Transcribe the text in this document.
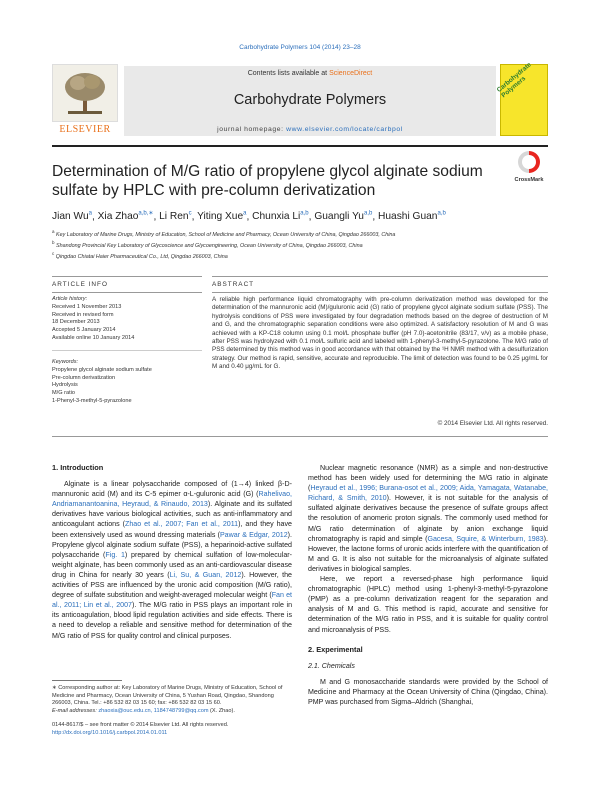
Carbohydrate Polymers 104 (2014) 23–28
ELSEVIER
Contents lists available at ScienceDirect
Carbohydrate Polymers
journal homepage: www.elsevier.com/locate/carbpol
Carbohydrate Polymers
Determination of M/G ratio of propylene glycol alginate sodium sulfate by HPLC with pre-column derivatization
CrossMark
Jian Wu$^a$, Xia Zhao$^{a,b,∗}$, Li Ren$^c$, Yiting Xue$^a$, Chunxia Li$^{a,b}$, Guangli Yu$^{a,b}$, Huashi Guan$^{a,b}$
$^a$ Key Laboratory of Marine Drugs, Ministry of Education, School of Medicine and Pharmacy, Ocean University of China, Qingdao 266003, China
$^b$ Shandong Provincial Key Laboratory of Glycoscience and Glycoengineering, Ocean University of China, Qingdao 266003, China
$^c$ Qingdao Chiatai Haier Pharmaceutical Co., Ltd, Qingdao 266003, China
ARTICLE INFO	ABSTRACT
Article history:
Received 1 November 2013
Received in revised form
18 December 2013
Accepted 5 January 2014
Available online 10 January 2014
Keywords:
Propylene glycol alginate sodium sulfate
Pre-column derivatization
Hydrolysis
M/G ratio
1-Phenyl-3-methyl-5-pyrazolone
A reliable high performance liquid chromatography with pre-column derivatization method was developed for the determination of the mannuronic acid (M)/guluronic acid (G) ratio of propylene glycol alginate sodium sulfate (PSS). The hydrolysis conditions of PSS were investigated by four degradation methods based on the degree of destruction of M and G, and the chromatographic separation conditions were also optimized. A satisfactory resolution of M and G was achieved with a KP-C18 column using 0.1 mol/L phosphate buffer (pH 7.0)-acetonitrile (83/17, v/v) as a mobile phase, after PSS was hydrolyzed with 0.1 mol/L sulfuric acid and labeled with 1-phenyl-3-methyl-5-pyrazolone. The M/G ratio of PSS determined by this method was in good accordance with that obtained by the ¹H NMR method with a desulfurization strategy. Our method is rapid, sensitive, accurate and reproducible. The limit of detection was found to be 0.25 μg/mL for M and 0.40 μg/mL for G.
© 2014 Elsevier Ltd. All rights reserved.
1. Introduction

Alginate is a linear polysaccharide composed of (1→4) linked β-D-mannuronic acid (M) and its C-5 epimer α-L-guluronic acid (G) (Rahelivao, Andriamanantoanina, Heyraud, & Rinaudo, 2013). Alginate and its sulfated derivatives have various biological activities, such as anti-inflammatory and anticoagulant actions (Zhao et al., 2007; Fan et al., 2011), and they have been extensively used as wound dressing materials (Pawar & Edgar, 2012). Propylene glycol alginate sodium sulfate (PSS), a heparinoid-active sulfated polysaccharide (Fig. 1) prepared by chemical sulfation of low-molecular-weight alginate, has been commonly used as an anti-cardiovascular disease drug in China for nearly 30 years (Li, Su, & Guan, 2012). However, the activities of PSS are influenced by the uronic acid composition (M/G ratio), degree of sulfate substitution and weight-averaged molecular weight (Fan et al., 2011; Lin et al., 2007). The M/G ratio in PSS plays an important role in its anticoagulation, blood lipid regulation activities and side effects. There is a need to develop a reliable and sensitive method for determination of the M/G ratio of PSS for quality control and clinical purposes.

∗ Corresponding author at: Key Laboratory of Marine Drugs, Ministry of Education, School of Medicine and Pharmacy, Ocean University of China, 5 Yushan Road, Qingdao, Shandong 266003, China. Tel.: +86 532 82 03 15 60; fax: +86 532 82 03 15 60.
E-mail addresses: zhaoxia@ouc.edu.cn, 1184748799@qq.com (X. Zhao).
0144-8617/$ – see front matter © 2014 Elsevier Ltd. All rights reserved.
http://dx.doi.org/10.1016/j.carbpol.2014.01.011

Nuclear magnetic resonance (NMR) as a simple and non-destructive method has been widely used for determining the M/G ratio in alginate (Heyraud et al., 1996; Burana-osot et al., 2009; Aida, Yamagata, Watanabe, Richard, & Smith, 2010). However, it is not suitable for the analysis of sulfated alginate derivatives because the presence of sulfate groups affect the resolution of anomeric proton signals. The commonly used method for M/G ratio determination of alginate by anion exchange liquid chromatography is rapid and simple (Gacesa, Squire, & Winterburn, 1983). However, the lactone forms of uronic acids interfere with the quantification of M and G. It is also not suitable for the microanalysis of alginate sulfated derivatives in biological samples.

Here, we report a reversed-phase high performance liquid chromatographic (HPLC) method using 1-phenyl-3-methyl-5-pyrazolone (PMP) as a pre-column derivatization reagent for the separation and analysis of M and G. This method is rapid, accurate and sensitive for determination of the M/G ratio in PSS, and it is suitable for quality control and microanalysis of PSS.

2. Experimental
2.1. Chemicals

M and G monosaccharide standards were provided by the School of Medicine and Pharmacy at the Ocean University of China (Qingdao, China). PMP was purchased from Sigma–Aldrich (Shanghai,
